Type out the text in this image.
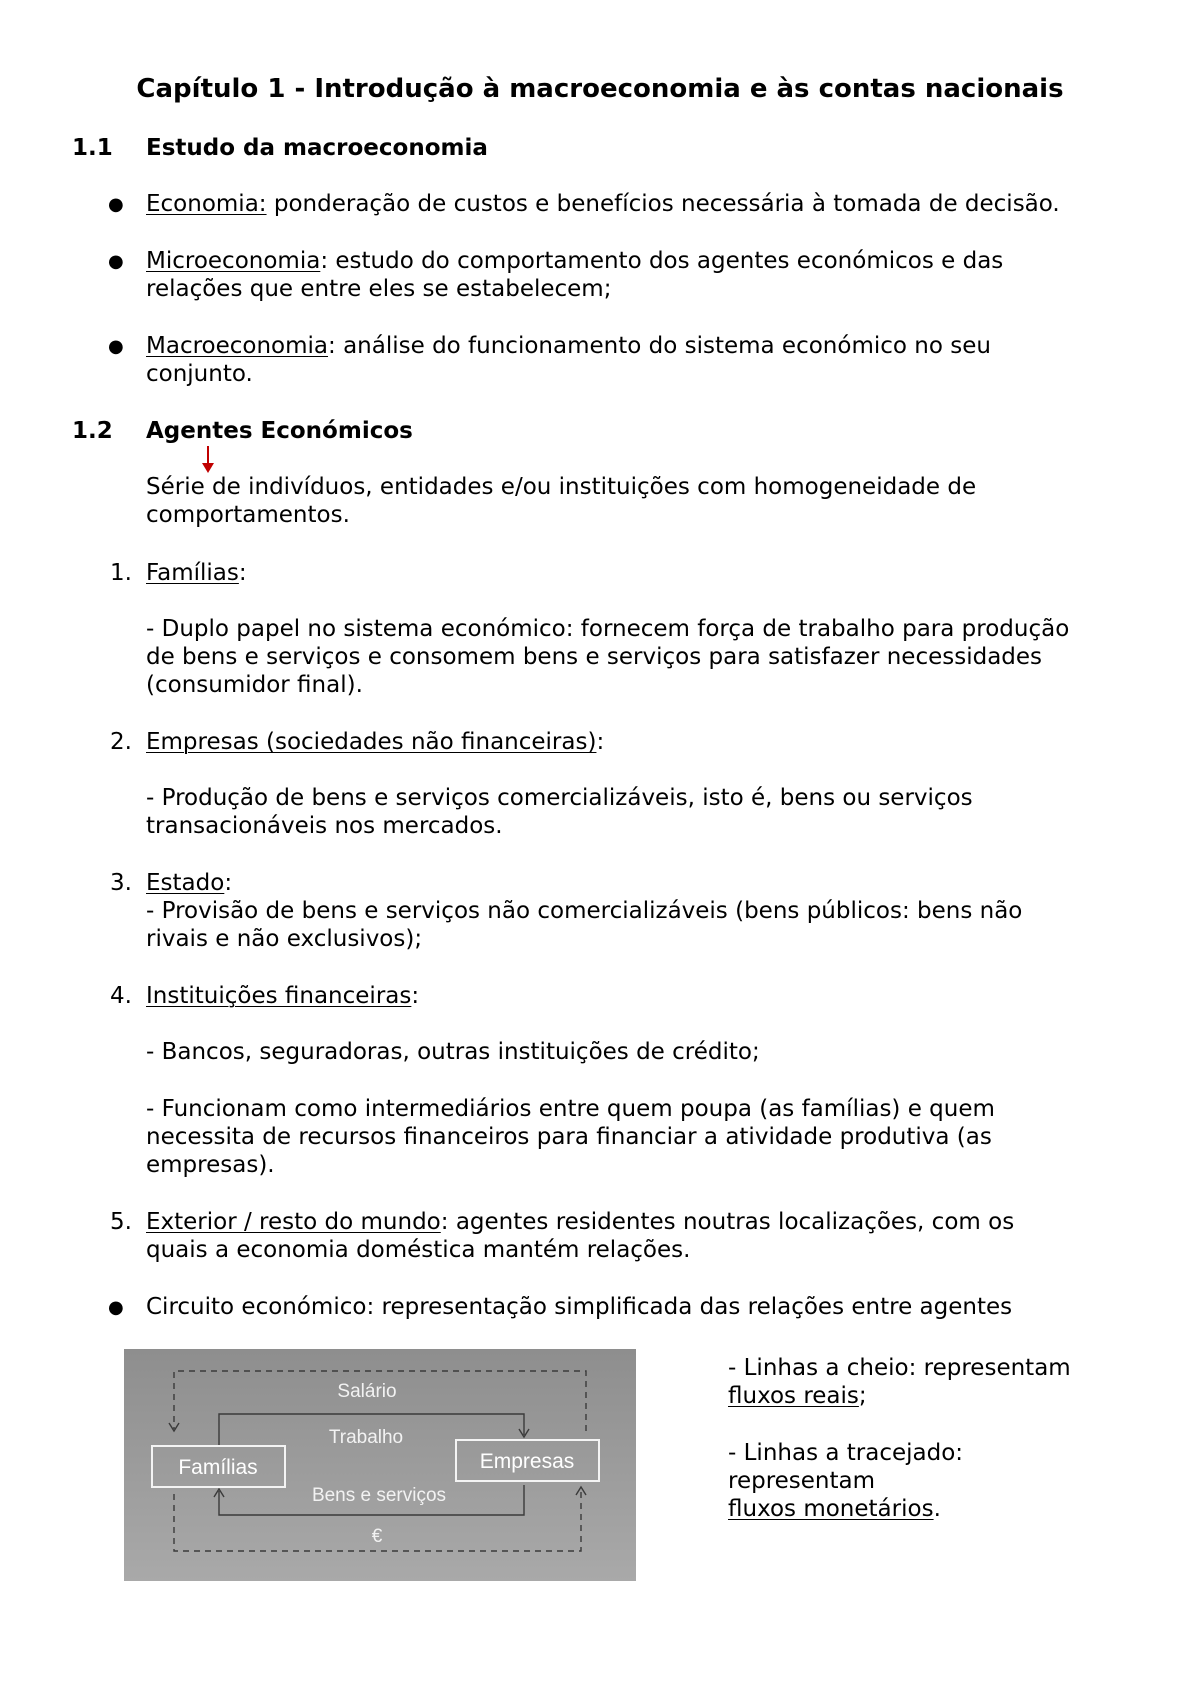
Capítulo 1 - Introdução à macroeconomia e às contas nacionais
1.1 Estudo da macroeconomia
● Economia: ponderação de custos e benefícios necessária à tomada de decisão.
● Microeconomia: estudo do comportamento dos agentes económicos e das
relações que entre eles se estabelecem;
● Macroeconomia: análise do funcionamento do sistema económico no seu
conjunto.
1.2 Agentes Económicos
Série de indivíduos, entidades e/ou instituições com homogeneidade de
comportamentos.
1. Famílias:
- Duplo papel no sistema económico: fornecem força de trabalho para produção
de bens e serviços e consomem bens e serviços para satisfazer necessidades
(consumidor final).
2. Empresas (sociedades não financeiras):
- Produção de bens e serviços comercializáveis, isto é, bens ou serviços
transacionáveis nos mercados.
3. Estado:
- Provisão de bens e serviços não comercializáveis (bens públicos: bens não
rivais e não exclusivos);
4. Instituições financeiras:
- Bancos, seguradoras, outras instituições de crédito;
- Funcionam como intermediários entre quem poupa (as famílias) e quem
necessita de recursos financeiros para financiar a atividade produtiva (as
empresas).
5. Exterior / resto do mundo: agentes residentes noutras localizações, com os
quais a economia doméstica mantém relações.
● Circuito económico: representação simplificada das relações entre agentes
Salário
Trabalho
Famílias	Empresas
Bens e serviços
€
- Linhas a cheio: representam
fluxos reais;
- Linhas a tracejado:
representam
fluxos monetários.
